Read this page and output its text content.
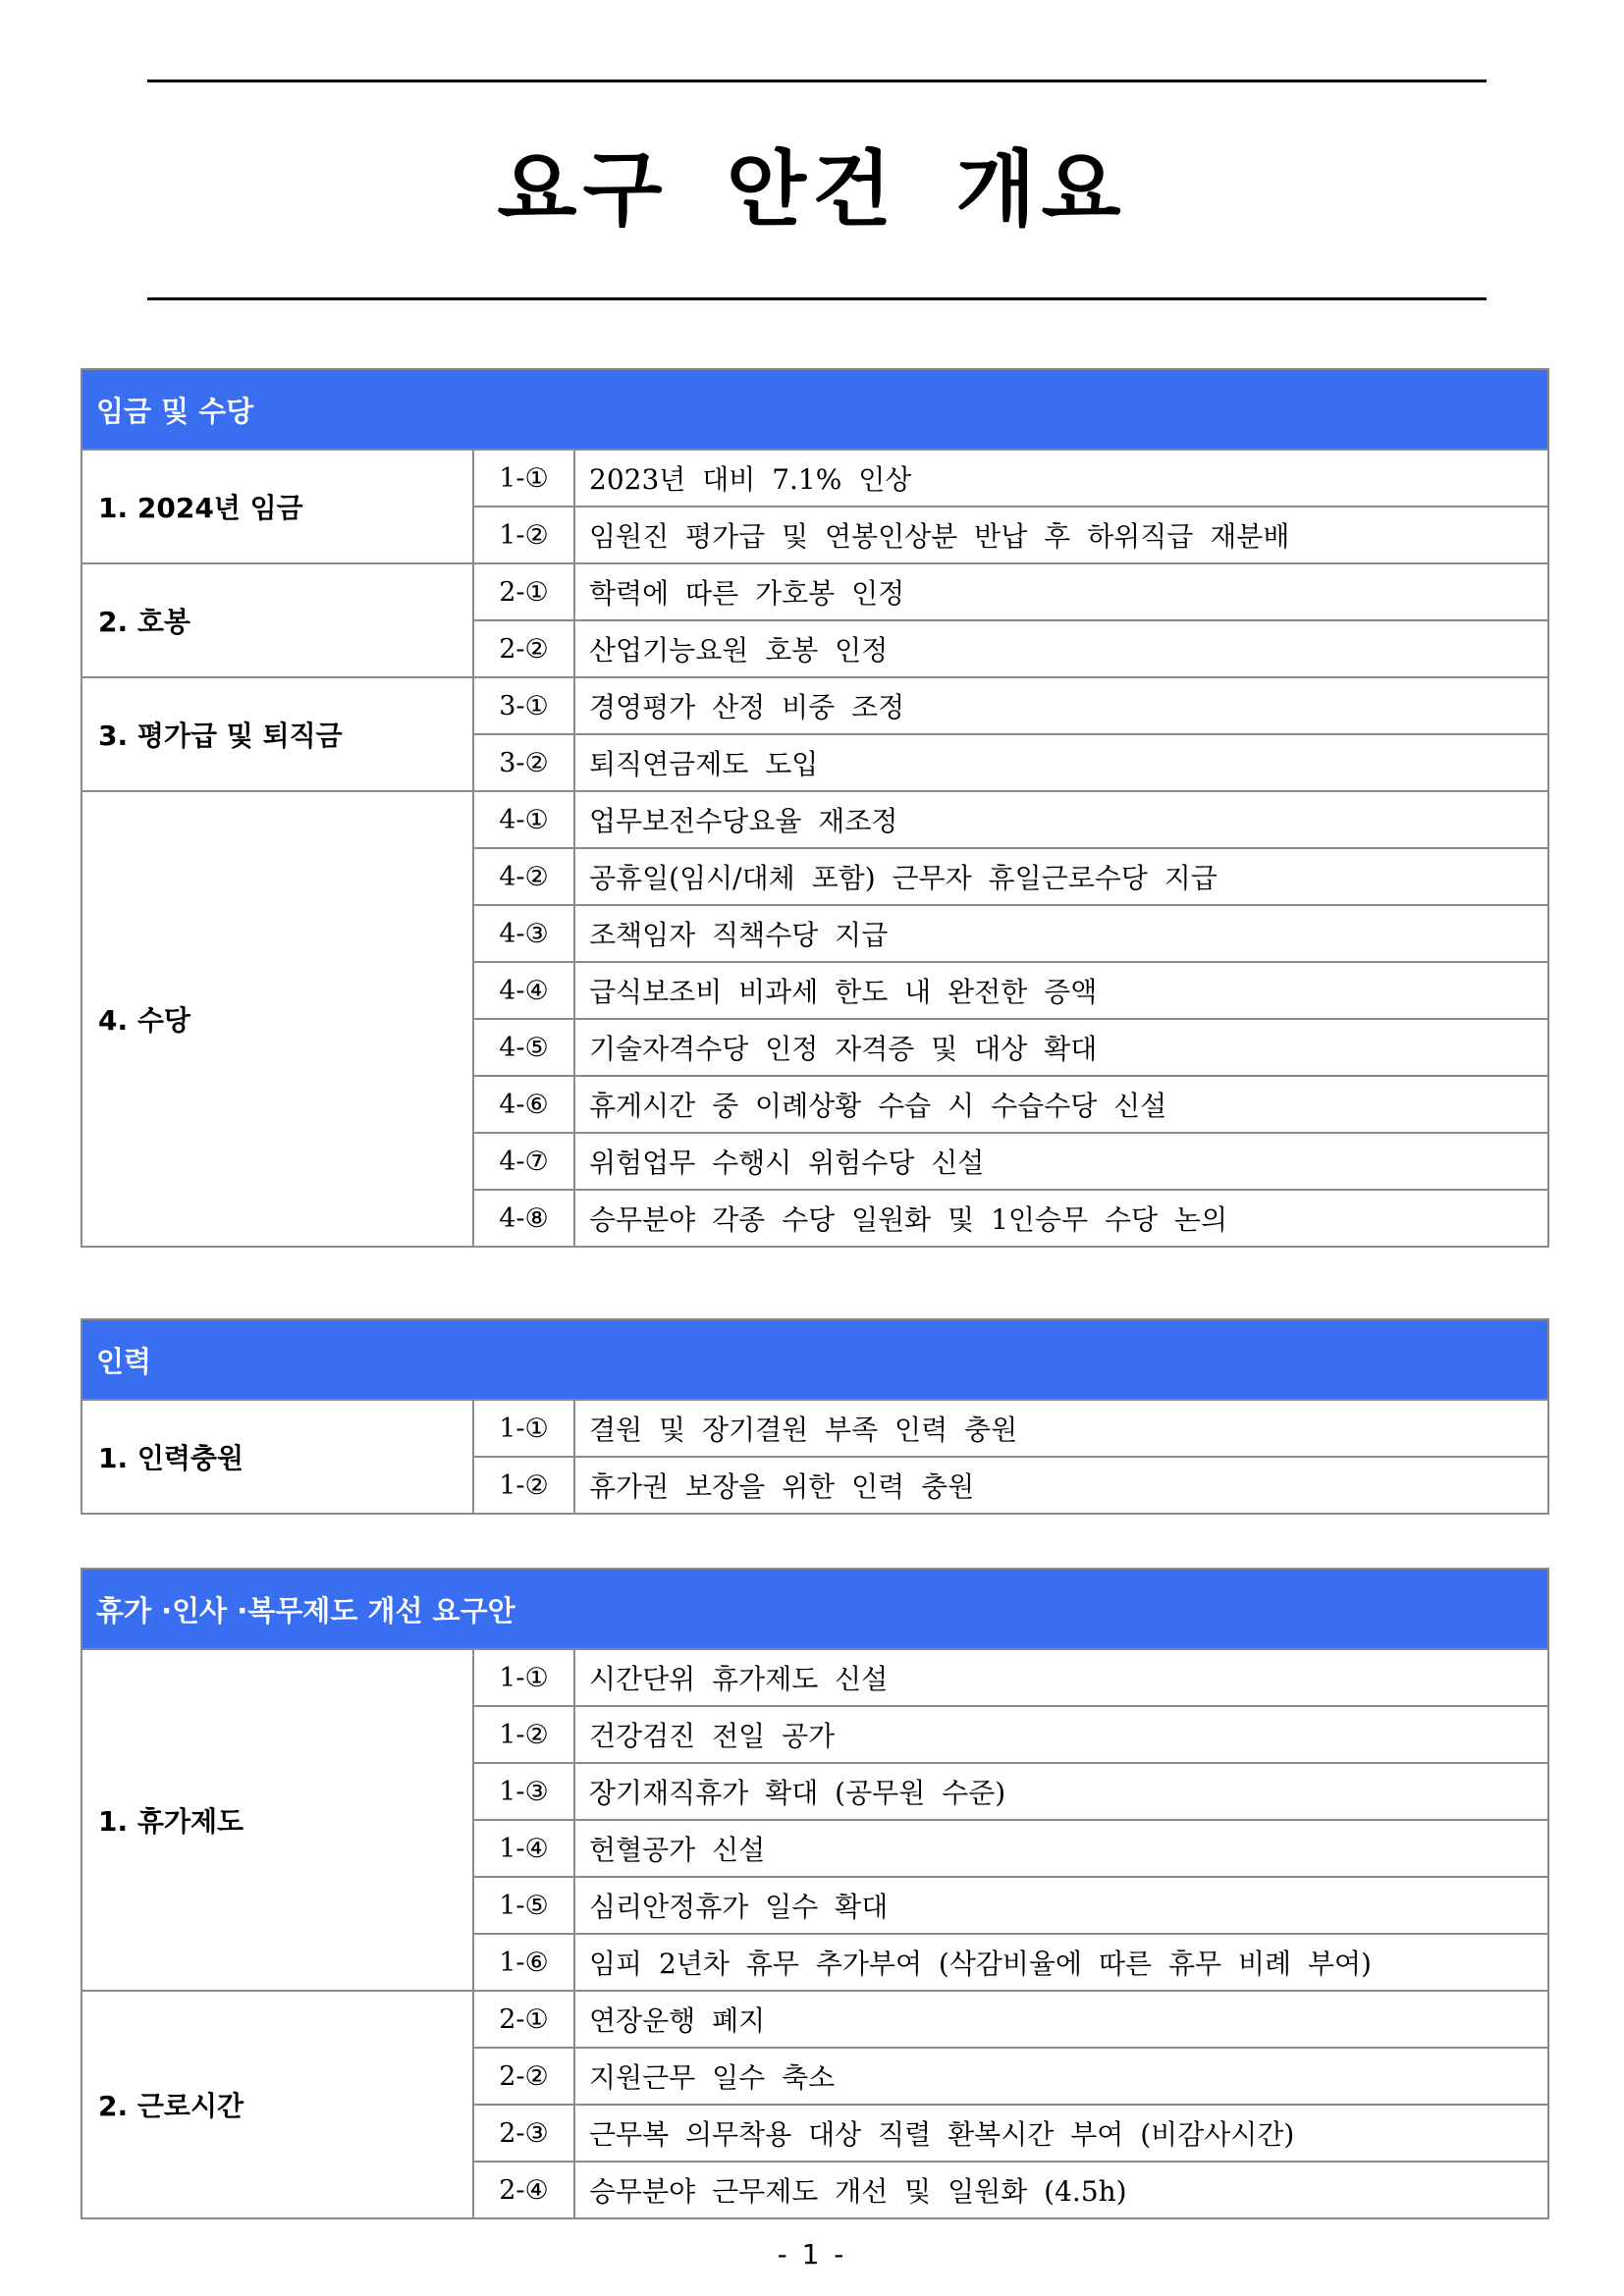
요구 안건 개요
임금 및 수당		
1. 2024년 임금	1-①	2023년 대비 7.1% 인상
	1-②	임원진 평가급 및 연봉인상분 반납 후 하위직급 재분배
2. 호봉	2-①	학력에 따른 가호봉 인정
	2-②	산업기능요원 호봉 인정
3. 평가급 및 퇴직금	3-①	경영평가 산정 비중 조정
	3-②	퇴직연금제도 도입
4. 수당	4-①	업무보전수당요율 재조정
	4-②	공휴일(임시/대체 포함) 근무자 휴일근로수당 지급
	4-③	조책임자 직책수당 지급
	4-④	급식보조비 비과세 한도 내 완전한 증액
	4-⑤	기술자격수당 인정 자격증 및 대상 확대
	4-⑥	휴게시간 중 이례상황 수습 시 수습수당 신설
	4-⑦	위험업무 수행시 위험수당 신설
	4-⑧	승무분야 각종 수당 일원화 및 1인승무 수당 논의
인력		
1. 인력충원	1-①	결원 및 장기결원 부족 인력 충원
	1-②	휴가권 보장을 위한 인력 충원
휴가 ·인사 ·복무제도 개선 요구안		
1. 휴가제도	1-①	시간단위 휴가제도 신설
	1-②	건강검진 전일 공가
	1-③	장기재직휴가 확대 (공무원 수준)
	1-④	헌혈공가 신설
	1-⑤	심리안정휴가 일수 확대
	1-⑥	임피 2년차 휴무 추가부여 (삭감비율에 따른 휴무 비례 부여)
2. 근로시간	2-①	연장운행 폐지
	2-②	지원근무 일수 축소
	2-③	근무복 의무착용 대상 직렬 환복시간 부여 (비감사시간)
	2-④	승무분야 근무제도 개선 및 일원화 (4.5h)
- 1 -
